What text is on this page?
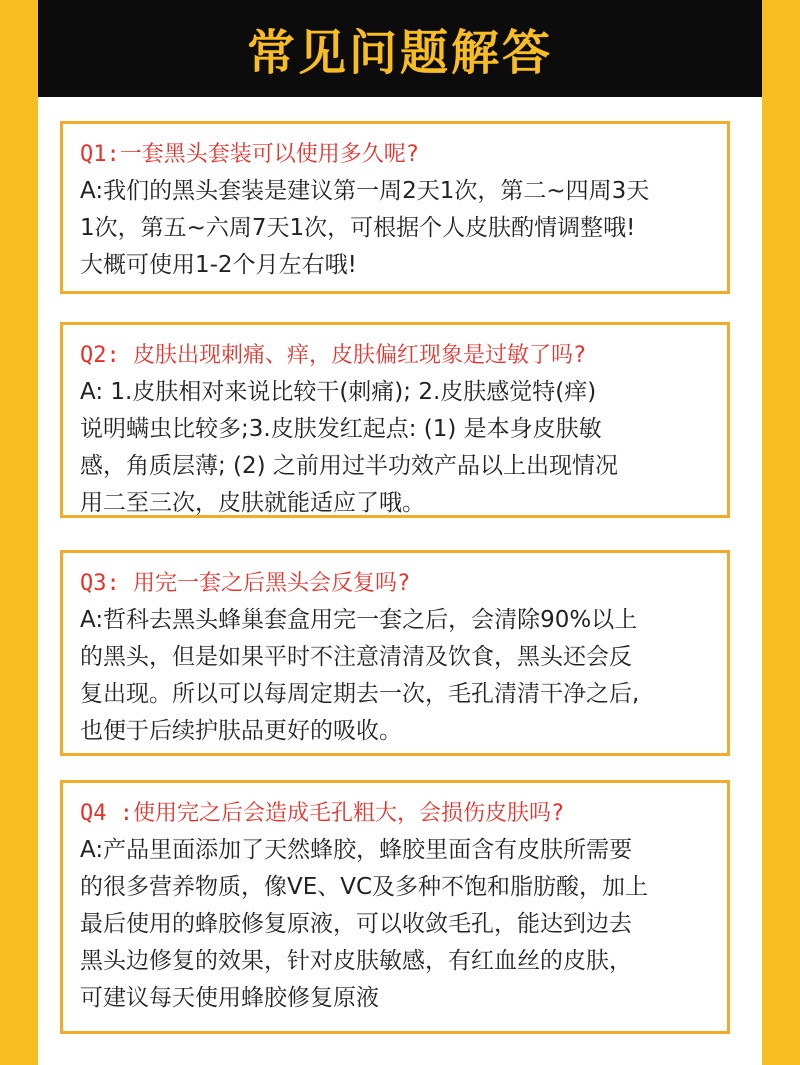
常见问题解答
Q1:一套黑头套装可以使用多久呢?
A:我们的黑头套装是建议第一周2天1次，第二~四周3天
1次，第五~六周7天1次，可根据个人皮肤酌情调整哦!
大概可使用1-2个月左右哦!
Q2: 皮肤出现刺痛、痒，皮肤偏红现象是过敏了吗?
A: 1.皮肤相对来说比较干(刺痛); 2.皮肤感觉特(痒)
说明螨虫比较多;3.皮肤发红起点: (1) 是本身皮肤敏
感，角质层薄; (2) 之前用过半功效产品以上出现情况
用二至三次，皮肤就能适应了哦。
Q3: 用完一套之后黑头会反复吗?
A:哲科去黑头蜂巢套盒用完一套之后，会清除90%以上
的黑头，但是如果平时不注意清清及饮食，黑头还会反
复出现。所以可以每周定期去一次，毛孔清清干净之后,
也便于后续护肤品更好的吸收。
Q4 :使用完之后会造成毛孔粗大，会损伤皮肤吗?
A:产品里面添加了天然蜂胶，蜂胶里面含有皮肤所需要
的很多营养物质，像VE、VC及多种不饱和脂肪酸，加上
最后使用的蜂胶修复原液，可以收敛毛孔，能达到边去
黑头边修复的效果，针对皮肤敏感，有红血丝的皮肤，
可建议每天使用蜂胶修复原液
